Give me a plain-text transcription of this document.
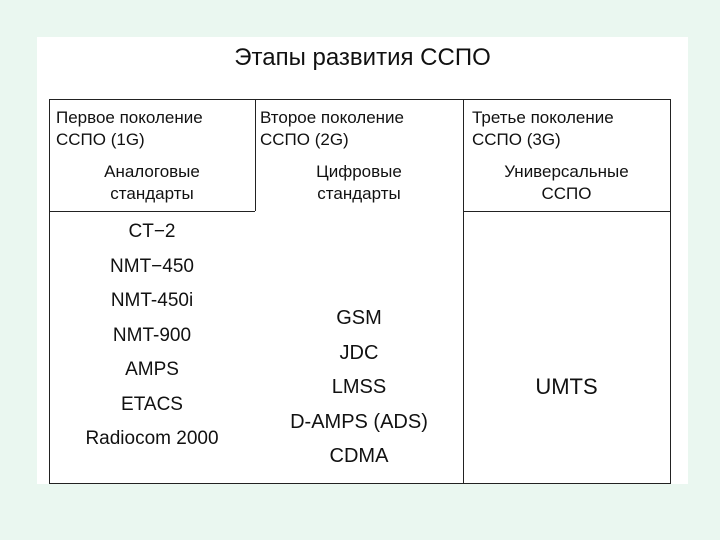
Этапы развития ССПО
Первое поколение
ССПО (1G)
Аналоговые
стандарты
Второе поколение
ССПО (2G)
Цифровые
стандарты
Третье поколение
ССПО (3G)
Универсальные
ССПО
CT−2
NMT−450
NMT-450i
NMT-900
AMPS
ETACS
Radiocom 2000
GSM
JDC
LMSS
D-AMPS (ADS)
CDMA
UMTS
